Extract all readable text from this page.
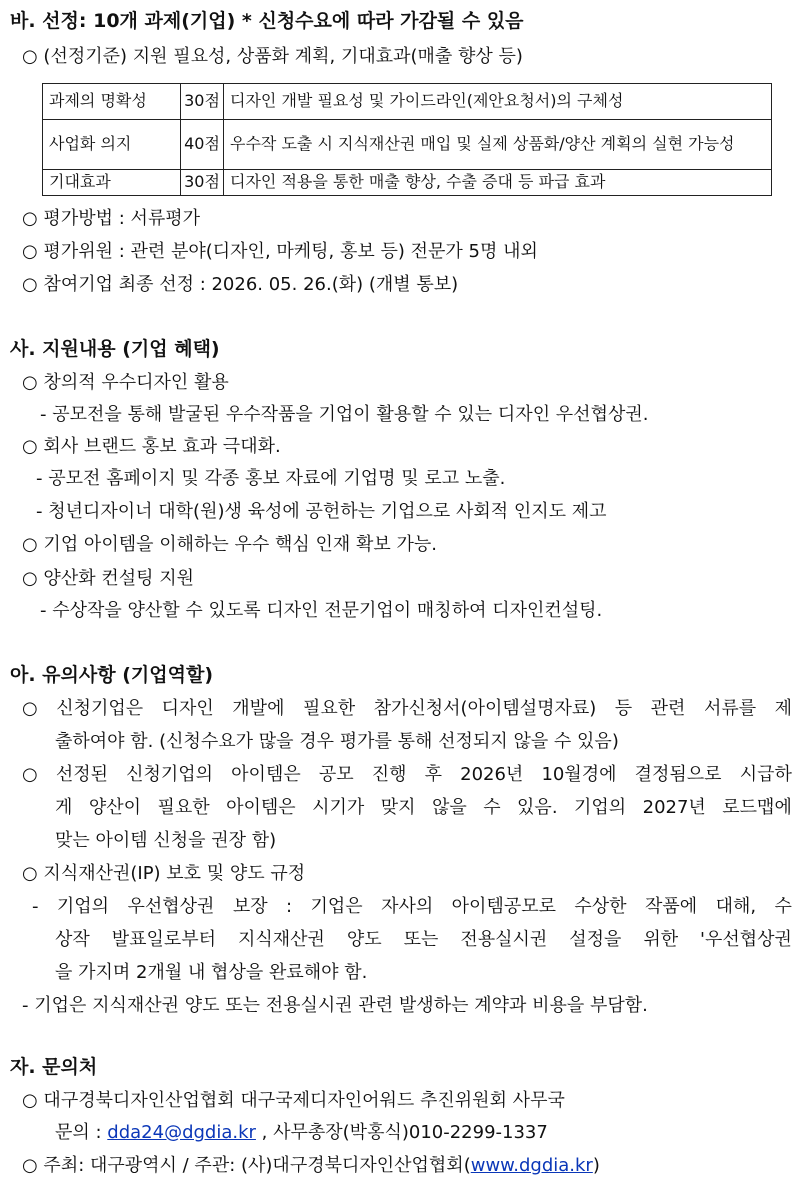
바. 선정: 10개 과제(기업) * 신청수요에 따라 가감될 수 있음
○ (선정기준) 지원 필요성, 상품화 계획, 기대효과(매출 향상 등)
과제의 명확성	30점	디자인 개발 필요성 및 가이드라인(제안요청서)의 구체성
사업화 의지	40점	우수작 도출 시 지식재산권 매입 및 실제 상품화/양산 계획의 실현 가능성
기대효과	30점	디자인 적용을 통한 매출 향상, 수출 증대 등 파급 효과
○ 평가방법 : 서류평가
○ 평가위원 : 관련 분야(디자인, 마케팅, 홍보 등) 전문가 5명 내외
○ 참여기업 최종 선정 : 2026. 05. 26.(화) (개별 통보)
사. 지원내용 (기업 혜택)
○ 창의적 우수디자인 활용
- 공모전을 통해 발굴된 우수작품을 기업이 활용할 수 있는 디자인 우선협상권.
○ 회사 브랜드 홍보 효과 극대화.
- 공모전 홈페이지 및 각종 홍보 자료에 기업명 및 로고 노출.
- 청년디자이너 대학(원)생 육성에 공헌하는 기업으로 사회적 인지도 제고
○ 기업 아이템을 이해하는 우수 핵심 인재 확보 가능.
○ 양산화 컨설팅 지원
- 수상작을 양산할 수 있도록 디자인 전문기업이 매칭하여 디자인컨설팅.
아. 유의사항 (기업역할)
○ 신청기업은 디자인 개발에 필요한 참가신청서(아이템설명자료) 등 관련 서류를 제
출하여야 함. (신청수요가 많을 경우 평가를 통해 선정되지 않을 수 있음)
○ 선정된 신청기업의 아이템은 공모 진행 후 2026년 10월경에 결정됨으로 시급하
게 양산이 필요한 아이템은 시기가 맞지 않을 수 있음. 기업의 2027년 로드맵에
맞는 아이템 신청을 권장 함)
○ 지식재산권(IP) 보호 및 양도 규정
- 기업의 우선협상권 보장 : 기업은 자사의 아이템공모로 수상한 작품에 대해, 수
상작 발표일로부터 지식재산권 양도 또는 전용실시권 설정을 위한 '우선협상권
을 가지며 2개월 내 협상을 완료해야 함.
- 기업은 지식재산권 양도 또는 전용실시권 관련 발생하는 계약과 비용을 부담함.
자. 문의처
○ 대구경북디자인산업협회 대구국제디자인어워드 추진위원회 사무국
문의 : dda24@dgdia.kr , 사무총장(박홍식)010-2299-1337
○ 주최: 대구광역시 / 주관: (사)대구경북디자인산업협회(www.dgdia.kr)
